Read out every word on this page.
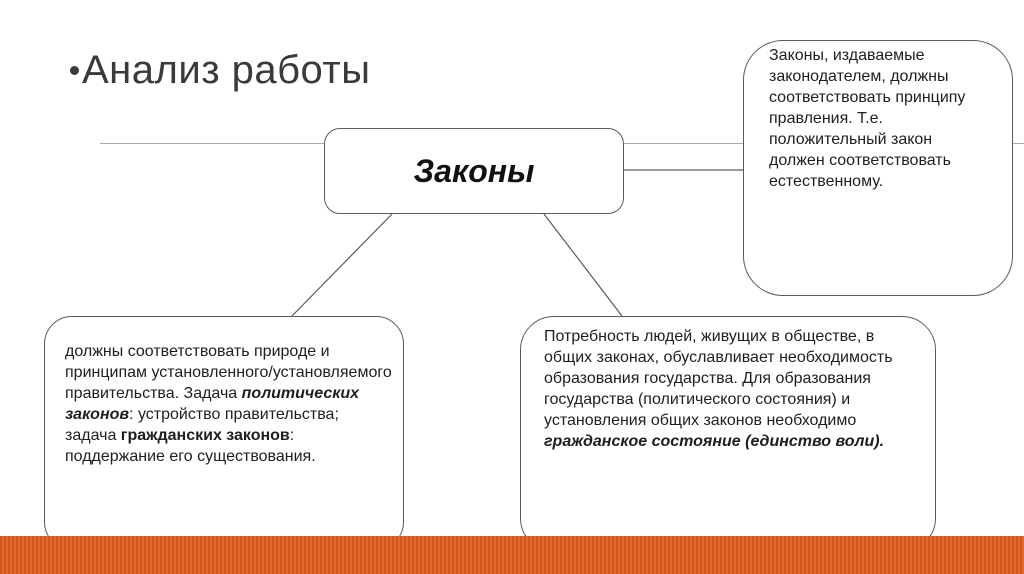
Анализ работы
Законы
Законы, издаваемые законодателем, должны соответствовать принципу правления. Т.е. положительный закон должен соответствовать естественному.
должны соответствовать природе и принципам установленного/установляемого правительства. Задача политических законов: устройство правительства; задача гражданских законов: поддержание его существования.
Потребность людей, живущих в обществе, в общих законах, обуславливает необходимость образования государства. Для образования государства (политического состояния) и установления общих законов необходимо гражданское состояние (единство воли).
